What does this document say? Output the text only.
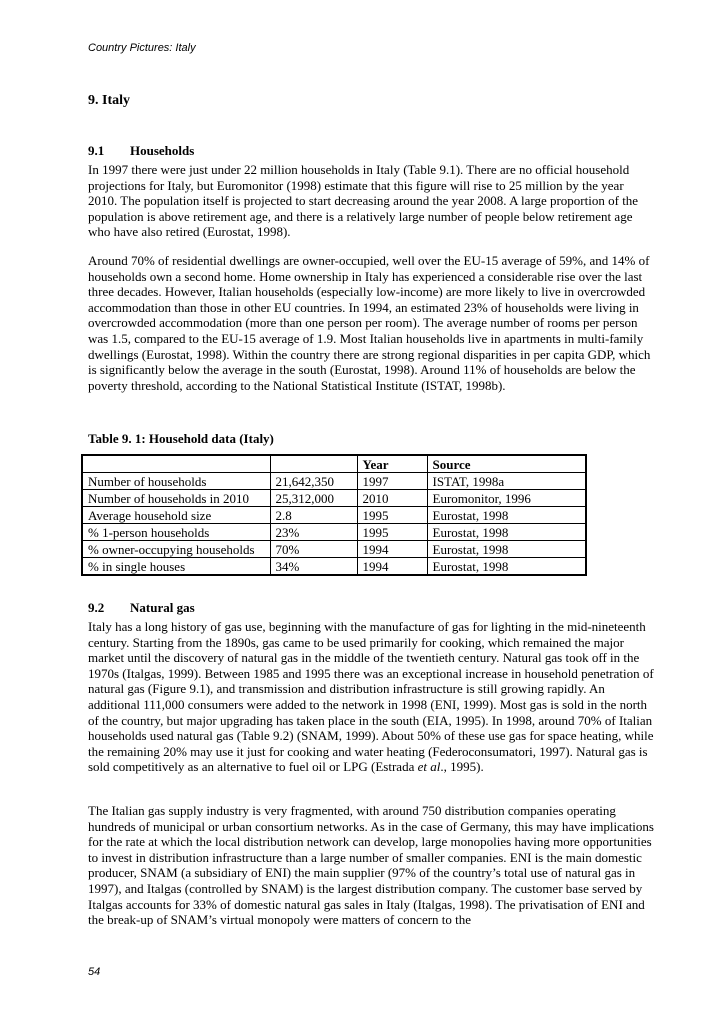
Country Pictures: Italy
9. Italy
9.1 Households
In 1997 there were just under 22 million households in Italy (Table 9.1). There are no official household projections for Italy, but Euromonitor (1998) estimate that this figure will rise to 25 million by the year 2010. The population itself is projected to start decreasing around the year 2008. A large proportion of the population is above retirement age, and there is a relatively large number of people below retirement age who have also retired (Eurostat, 1998).
Around 70% of residential dwellings are owner-occupied, well over the EU-15 average of 59%, and 14% of households own a second home. Home ownership in Italy has experienced a considerable rise over the last three decades. However, Italian households (especially low-income) are more likely to live in overcrowded accommodation than those in other EU countries. In 1994, an estimated 23% of households were living in overcrowded accommodation (more than one person per room). The average number of rooms per person was 1.5, compared to the EU-15 average of 1.9. Most Italian households live in apartments in multi-family dwellings (Eurostat, 1998). Within the country there are strong regional disparities in per capita GDP, which is significantly below the average in the south (Eurostat, 1998). Around 11% of households are below the poverty threshold, according to the National Statistical Institute (ISTAT, 1998b).
Table 9. 1: Household data (Italy)
		Year	Source
Number of households	21,642,350	1997	ISTAT, 1998a
Number of households in 2010	25,312,000	2010	Euromonitor, 1996
Average household size	2.8	1995	Eurostat, 1998
% 1-person households	23%	1995	Eurostat, 1998
% owner-occupying households	70%	1994	Eurostat, 1998
% in single houses	34%	1994	Eurostat, 1998
9.2 Natural gas
Italy has a long history of gas use, beginning with the manufacture of gas for lighting in the mid-nineteenth century. Starting from the 1890s, gas came to be used primarily for cooking, which remained the major market until the discovery of natural gas in the middle of the twentieth century. Natural gas took off in the 1970s (Italgas, 1999). Between 1985 and 1995 there was an exceptional increase in household penetration of natural gas (Figure 9.1), and transmission and distribution infrastructure is still growing rapidly. An additional 111,000 consumers were added to the network in 1998 (ENI, 1999). Most gas is sold in the north of the country, but major upgrading has taken place in the south (EIA, 1995). In 1998, around 70% of Italian households used natural gas (Table 9.2) (SNAM, 1999). About 50% of these use gas for space heating, while the remaining 20% may use it just for cooking and water heating (Federoconsumatori, 1997). Natural gas is sold competitively as an alternative to fuel oil or LPG (Estrada et al., 1995).
The Italian gas supply industry is very fragmented, with around 750 distribution companies operating hundreds of municipal or urban consortium networks. As in the case of Germany, this may have implications for the rate at which the local distribution network can develop, large monopolies having more opportunities to invest in distribution infrastructure than a large number of smaller companies. ENI is the main domestic producer, SNAM (a subsidiary of ENI) the main supplier (97% of the country’s total use of natural gas in 1997), and Italgas (controlled by SNAM) is the largest distribution company. The customer base served by Italgas accounts for 33% of domestic natural gas sales in Italy (Italgas, 1998). The privatisation of ENI and the break-up of SNAM’s virtual monopoly were matters of concern to the
54
